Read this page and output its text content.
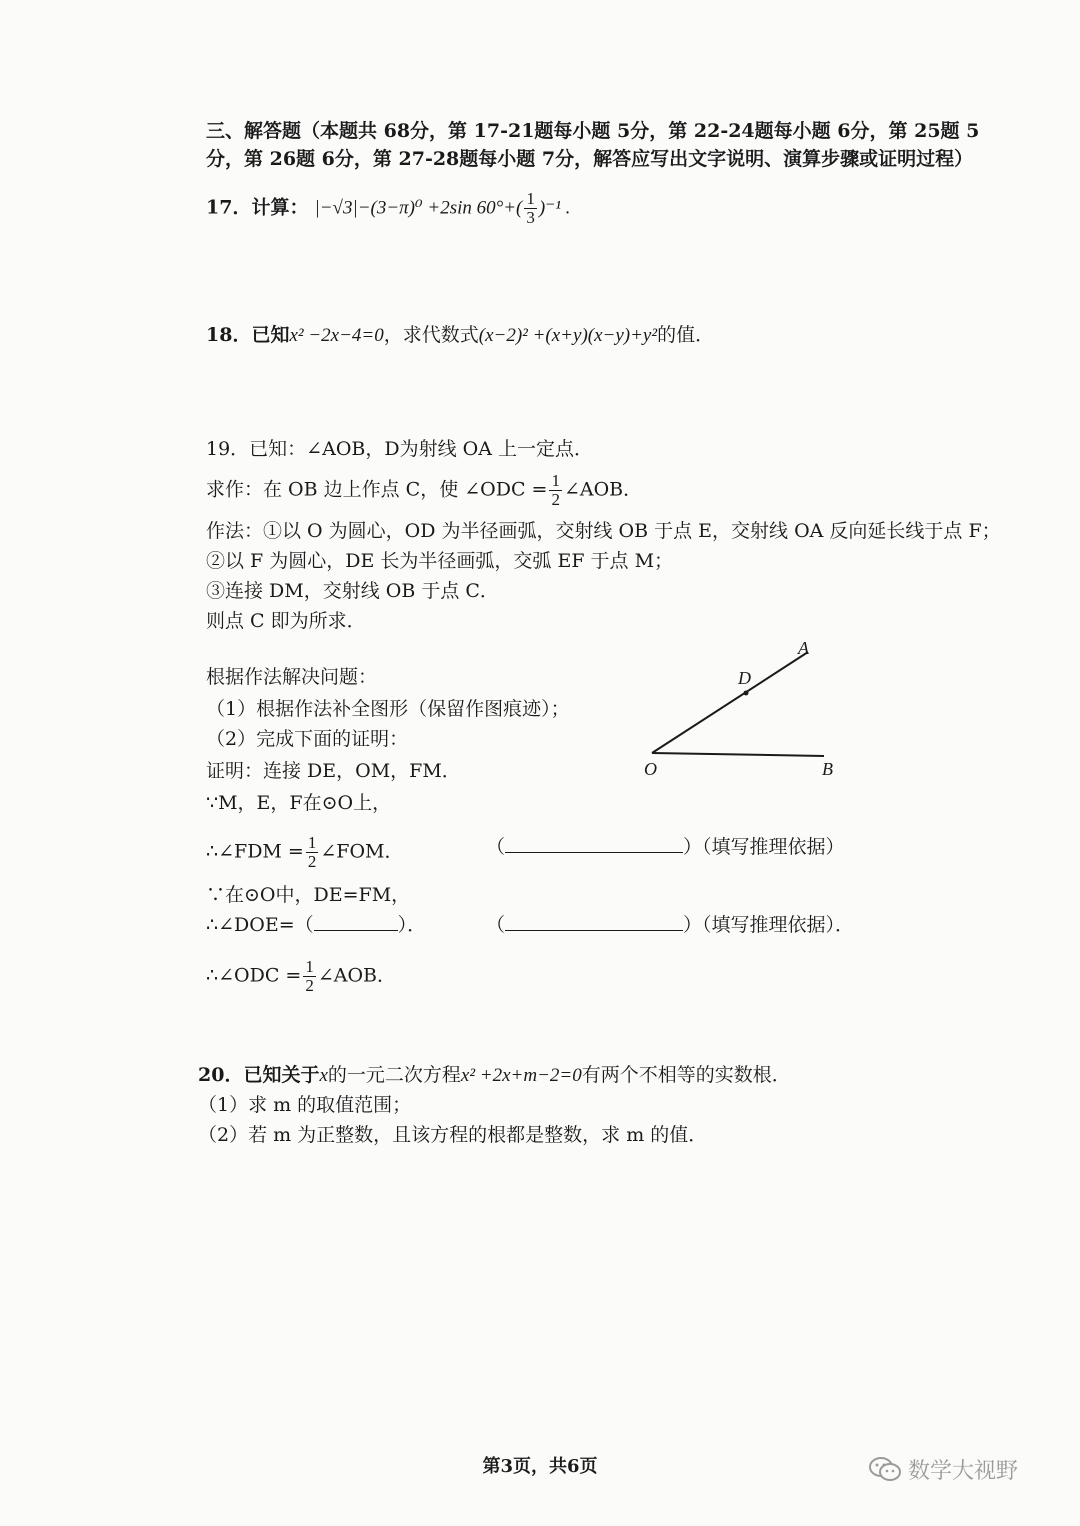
三、解答题（本题共 68分，第 17-21题每小题 5分，第 22-24题每小题 6分，第 25题 5
分，第 26题 6分，第 27-28题每小题 7分，解答应写出文字说明、演算步骤或证明过程）
17．计算： |−√3|−(3−π)⁰ +2sin $60^\circ+( \frac{1}{3} )^{-1}$ .
18．已知x² −2x−4=0，求代数式(x−2)² +(x+y)(x−y)+y²的值．
19．已知：∠AOB，D为射线 OA 上一定点．
求作：在 OB 边上作点 C，使 ∠ODC = $\frac{1}{2}$ ∠AOB．
作法：①以 O 为圆心，OD 为半径画弧，交射线 OB 于点 E，交射线 OA 反向延长线于点 F；
②以 F 为圆心，DE 长为半径画弧，交弧 EF 于点 M；
③连接 DM，交射线 OB 于点 C．
则点 C 即为所求．
根据作法解决问题：
（1）根据作法补全图形（保留作图痕迹）；
（2）完成下面的证明：
证明：连接 DE，OM，FM．
∵M，E，F在⊙O上，
∴∠FDM = $\frac{1}{2}$ ∠FOM．	（	）（填写推理依据）
∵在⊙O中，DE=FM，
∴∠DOE=（	）．	（	）（填写推理依据）．
∴∠ODC = $\frac{1}{2}$ ∠AOB．
A
D
O	B
20．已知关于x的一元二次方程x² +2x+m−2=0有两个不相等的实数根．
（1）求 m 的取值范围；
（2）若 m 为正整数，且该方程的根都是整数，求 m 的值．
第3页，共6页	数学大视野
